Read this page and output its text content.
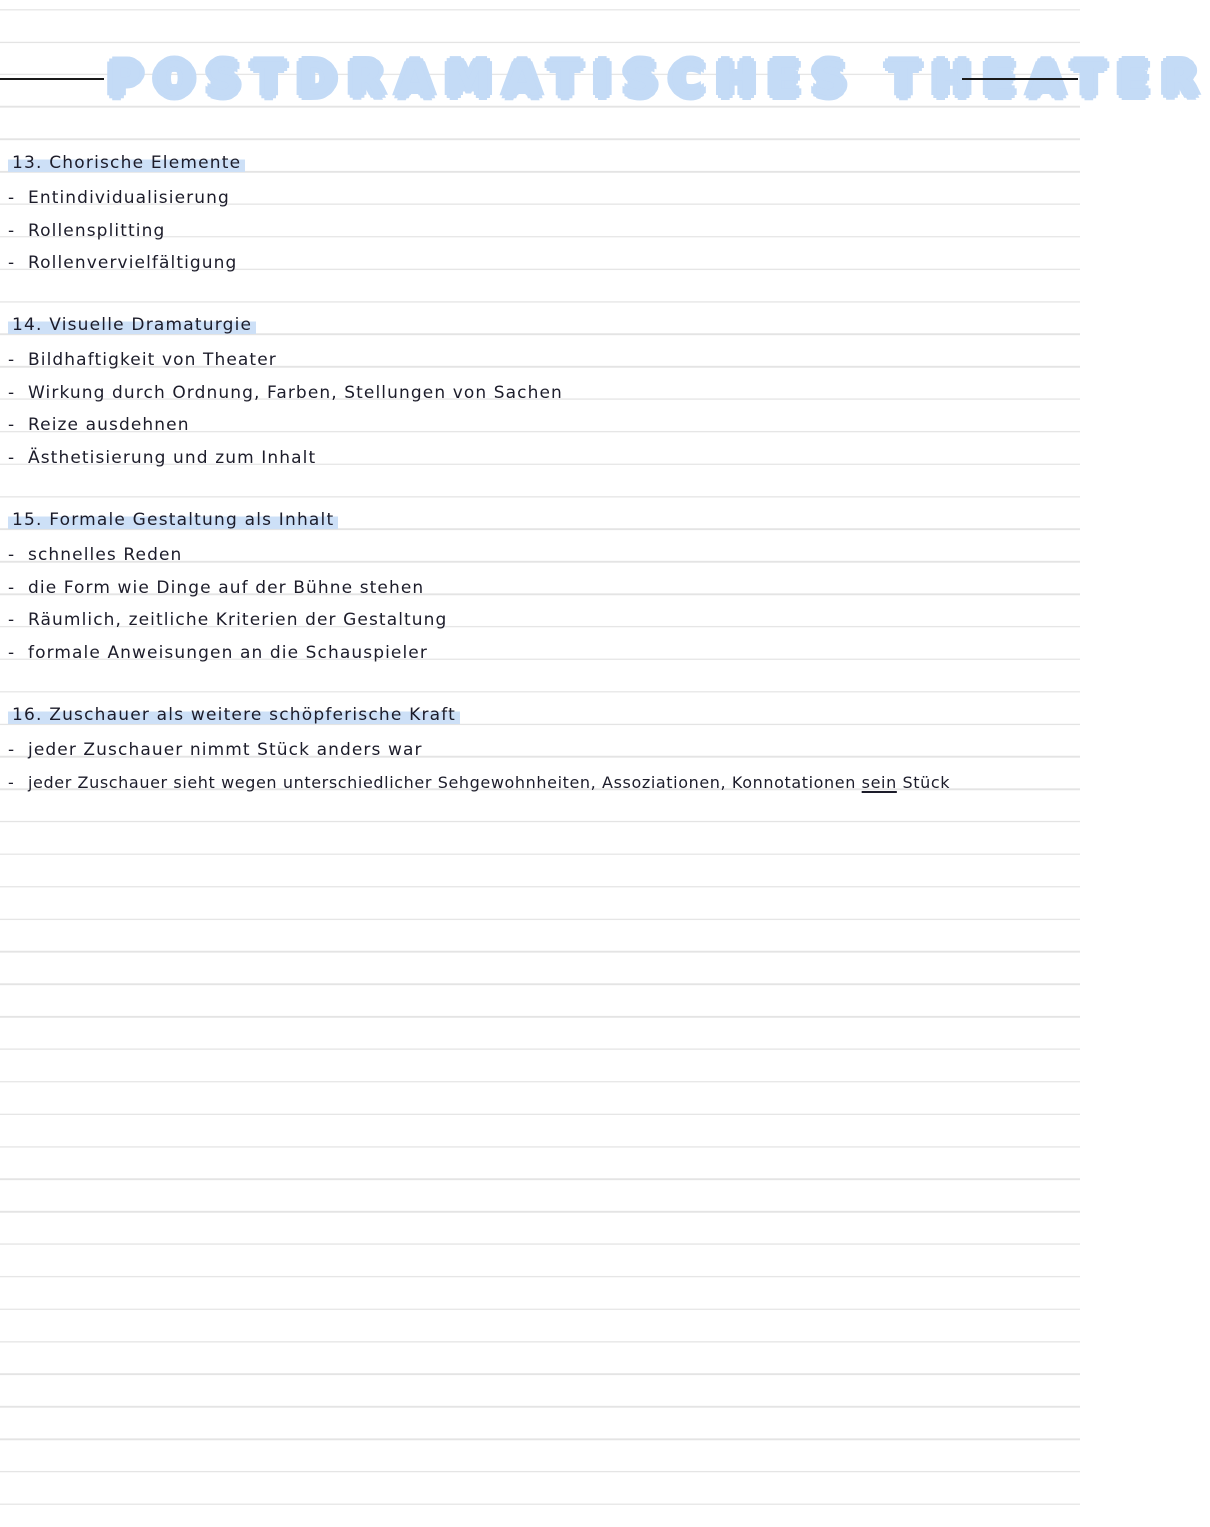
POSTDRAMATISCHES THEATER
13. Chorische Elemente
- Entindividualisierung
- Rollensplitting
- Rollenvervielfältigung
14. Visuelle Dramaturgie
- Bildhaftigkeit von Theater
- Wirkung durch Ordnung, Farben, Stellungen von Sachen
- Reize ausdehnen
- Ästhetisierung und zum Inhalt
15. Formale Gestaltung als Inhalt
- schnelles Reden
- die Form wie Dinge auf der Bühne stehen
- Räumlich, zeitliche Kriterien der Gestaltung
- formale Anweisungen an die Schauspieler
16. Zuschauer als weitere schöpferische Kraft
- jeder Zuschauer nimmt Stück anders war
- jeder Zuschauer sieht wegen unterschiedlicher Sehgewohnheiten, Assoziationen, Konnotationen sein Stück
